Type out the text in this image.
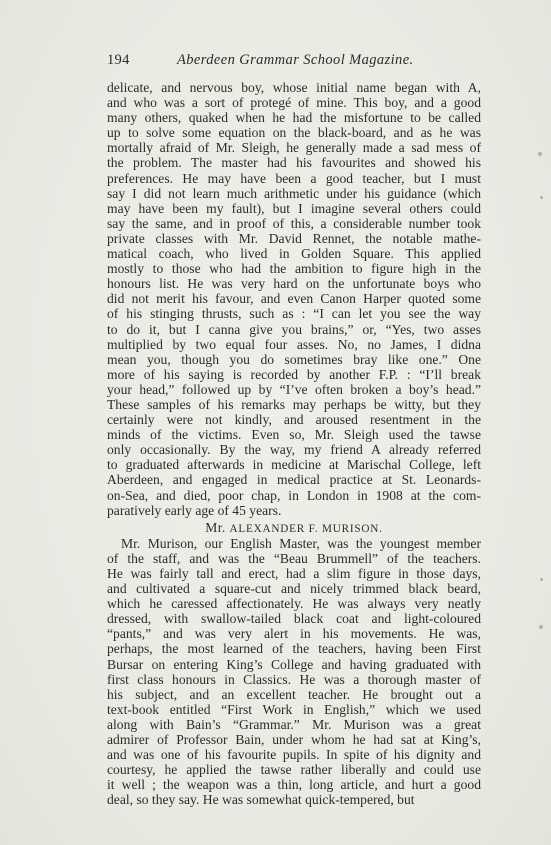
194	Aberdeen Grammar School Magazine.
delicate, and nervous boy, whose initial name began with A,
and who was a sort of protegé of mine. This boy, and a good
many others, quaked when he had the misfortune to be called
up to solve some equation on the black-board, and as he was
mortally afraid of Mr. Sleigh, he generally made a sad mess of
the problem. The master had his favourites and showed his
preferences. He may have been a good teacher, but I must
say I did not learn much arithmetic under his guidance (which
may have been my fault), but I imagine several others could
say the same, and in proof of this, a considerable number took
private classes with Mr. David Rennet, the notable mathe-
matical coach, who lived in Golden Square. This applied
mostly to those who had the ambition to figure high in the
honours list. He was very hard on the unfortunate boys who
did not merit his favour, and even Canon Harper quoted some
of his stinging thrusts, such as : “I can let you see the way
to do it, but I canna give you brains,” or, “Yes, two asses
multiplied by two equal four asses. No, no James, I didna
mean you, though you do sometimes bray like one.” One
more of his saying is recorded by another F.P. : “I’ll break
your head,” followed up by “I’ve often broken a boy’s head.”
These samples of his remarks may perhaps be witty, but they
certainly were not kindly, and aroused resentment in the
minds of the victims. Even so, Mr. Sleigh used the tawse
only occasionally. By the way, my friend A already referred
to graduated afterwards in medicine at Marischal College, left
Aberdeen, and engaged in medical practice at St. Leonards-
on-Sea, and died, poor chap, in London in 1908 at the com-
paratively early age of 45 years.
Mr. ALEXANDER F. MURISON.
Mr. Murison, our English Master, was the youngest member
of the staff, and was the “Beau Brummell” of the teachers.
He was fairly tall and erect, had a slim figure in those days,
and cultivated a square-cut and nicely trimmed black beard,
which he caressed affectionately. He was always very neatly
dressed, with swallow-tailed black coat and light-coloured
“pants,” and was very alert in his movements. He was,
perhaps, the most learned of the teachers, having been First
Bursar on entering King’s College and having graduated with
first class honours in Classics. He was a thorough master of
his subject, and an excellent teacher. He brought out a
text-book entitled “First Work in English,” which we used
along with Bain’s “Grammar.” Mr. Murison was a great
admirer of Professor Bain, under whom he had sat at King’s,
and was one of his favourite pupils. In spite of his dignity and
courtesy, he applied the tawse rather liberally and could use
it well ; the weapon was a thin, long article, and hurt a good
deal, so they say. He was somewhat quick-tempered, but
